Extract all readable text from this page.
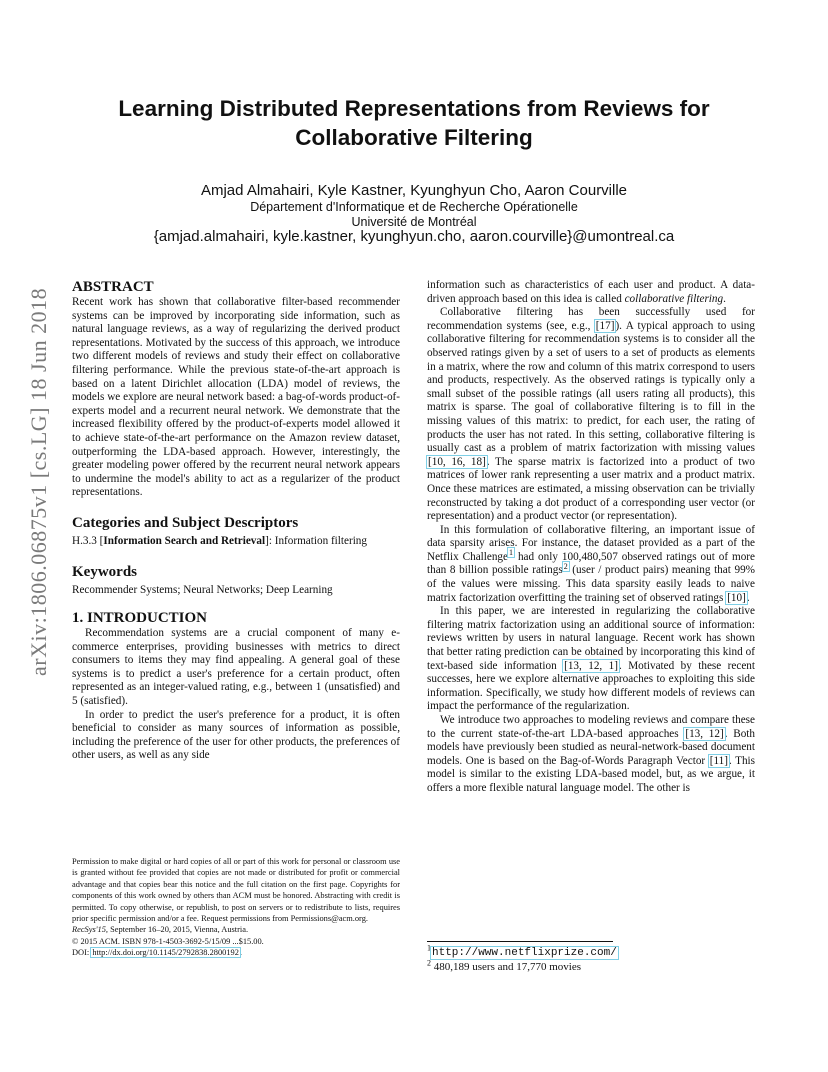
arXiv:1806.06875v1 [cs.LG] 18 Jun 2018
Learning Distributed Representations from Reviews for
Collaborative Filtering
Amjad Almahairi, Kyle Kastner, Kyunghyun Cho, Aaron Courville
Département d'Informatique et de Recherche Opérationelle
Université de Montréal
{amjad.almahairi, kyle.kastner, kyunghyun.cho, aaron.courville}@umontreal.ca
ABSTRACT

Recent work has shown that collaborative filter-based recommender systems can be improved by incorporating side information, such as natural language reviews, as a way of regularizing the derived product representations. Motivated by the success of this approach, we introduce two different models of reviews and study their effect on collaborative filtering performance. While the previous state-of-the-art approach is based on a latent Dirichlet allocation (LDA) model of reviews, the models we explore are neural network based: a bag-of-words product-of-experts model and a recurrent neural network. We demonstrate that the increased flexibility offered by the product-of-experts model allowed it to achieve state-of-the-art performance on the Amazon review dataset, outperforming the LDA-based approach. However, interestingly, the greater modeling power offered by the recurrent neural network appears to undermine the model's ability to act as a regularizer of the product representations.

Categories and Subject Descriptors

H.3.3 [Information Search and Retrieval]: Information filtering

Keywords

Recommender Systems; Neural Networks; Deep Learning

1. INTRODUCTION

Recommendation systems are a crucial component of many e-commerce enterprises, providing businesses with metrics to direct consumers to items they may find appealing. A general goal of these systems is to predict a user's preference for a certain product, often represented as an integer-valued rating, e.g., between 1 (unsatisfied) and 5 (satisfied).

In order to predict the user's preference for a product, it is often beneficial to consider as many sources of information as possible, including the preference of the user for other products, the preferences of other users, as well as any side

Permission to make digital or hard copies of all or part of this work for personal or classroom use is granted without fee provided that copies are not made or distributed for profit or commercial advantage and that copies bear this notice and the full citation on the first page. Copyrights for components of this work owned by others than ACM must be honored. Abstracting with credit is permitted. To copy otherwise, or republish, to post on servers or to redistribute to lists, requires prior specific permission and/or a fee. Request permissions from Permissions@acm.org.

RecSys'15, September 16–20, 2015, Vienna, Austria.

© 2015 ACM. ISBN 978-1-4503-3692-5/15/09 ...$15.00.

DOI: http://dx.doi.org/10.1145/2792838.2800192.

information such as characteristics of each user and product. A data-driven approach based on this idea is called collaborative filtering.

Collaborative filtering has been successfully used for recommendation systems (see, e.g., [17]). A typical approach to using collaborative filtering for recommendation systems is to consider all the observed ratings given by a set of users to a set of products as elements in a matrix, where the row and column of this matrix correspond to users and products, respectively. As the observed ratings is typically only a small subset of the possible ratings (all users rating all products), this matrix is sparse. The goal of collaborative filtering is to fill in the missing values of this matrix: to predict, for each user, the rating of products the user has not rated. In this setting, collaborative filtering is usually cast as a problem of matrix factorization with missing values [10, 16, 18]. The sparse matrix is factorized into a product of two matrices of lower rank representing a user matrix and a product matrix. Once these matrices are estimated, a missing observation can be trivially reconstructed by taking a dot product of a corresponding user vector (or representation) and a product vector (or representation).

In this formulation of collaborative filtering, an important issue of data sparsity arises. For instance, the dataset provided as a part of the Netflix Challenge$^1$ had only 100,480,507 observed ratings out of more than 8 billion possible ratings$^2$ (user / product pairs) meaning that 99% of the values were missing. This data sparsity easily leads to naive matrix factorization overfitting the training set of observed ratings [10].

In this paper, we are interested in regularizing the collaborative filtering matrix factorization using an additional source of information: reviews written by users in natural language. Recent work has shown that better rating prediction can be obtained by incorporating this kind of text-based side information [13, 12, 1]. Motivated by these recent successes, here we explore alternative approaches to exploiting this side information. Specifically, we study how different models of reviews can impact the performance of the regularization.

We introduce two approaches to modeling reviews and compare these to the current state-of-the-art LDA-based approaches [13, 12]. Both models have previously been studied as neural-network-based document models. One is based on the Bag-of-Words Paragraph Vector [11]. This model is similar to the existing LDA-based model, but, as we argue, it offers a more flexible natural language model. The other is

$^1$http://www.netflixprize.com/
$^2$ 480,189 users and 17,770 movies
